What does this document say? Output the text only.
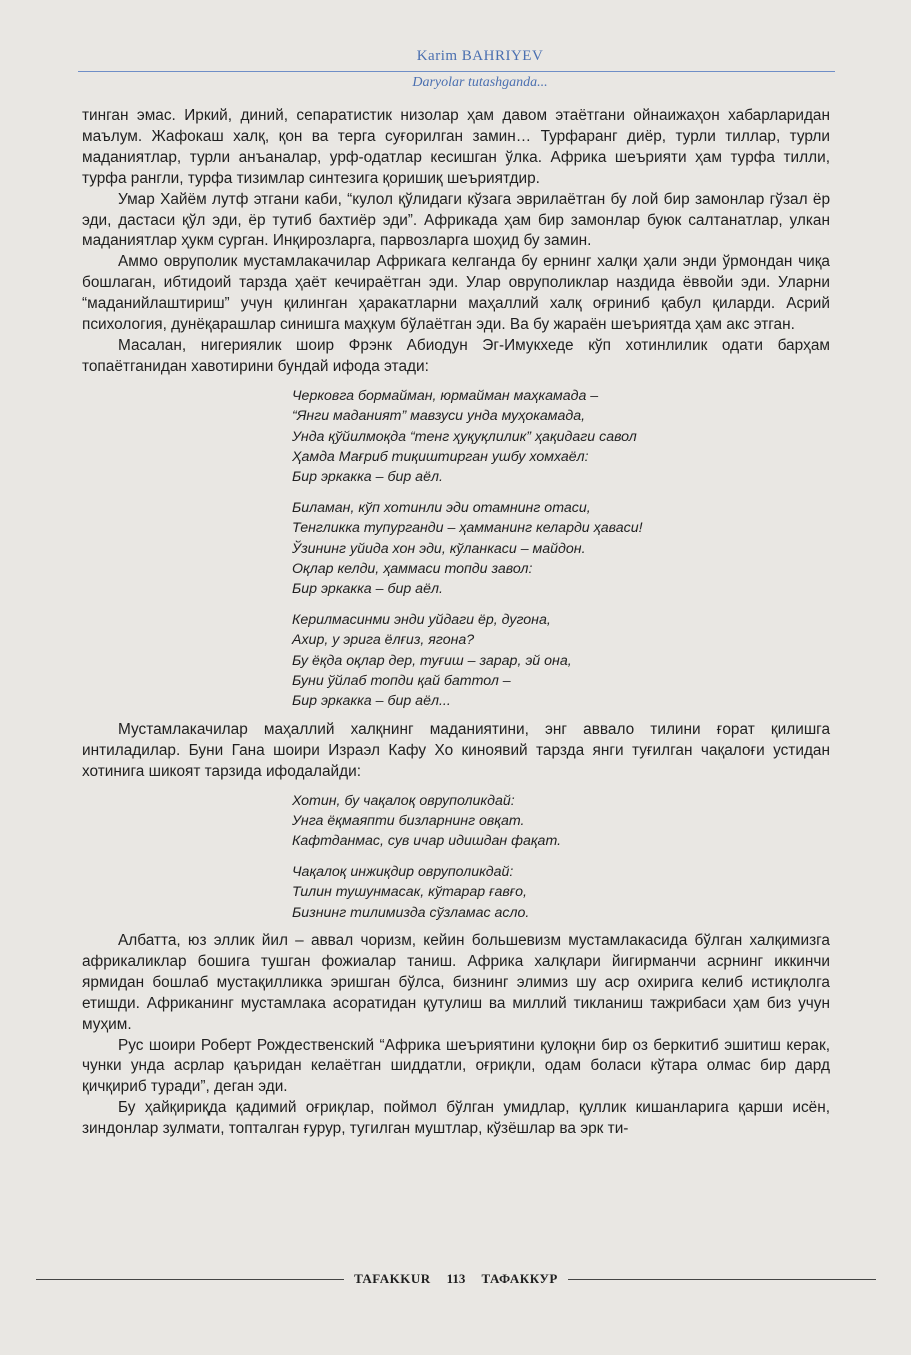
Karim BAHRIYEV
Daryolar tutashganda...

тинган эмас. Иркий, диний, сепаратистик низолар ҳам давом этаётгани ойнаижаҳон хабарларидан маълум. Жафокаш халқ, қон ва терга суғорилган замин… Турфаранг диёр, турли тиллар, турли маданиятлар, турли анъаналар, урф-одатлар кесишган ўлка. Африка шеърияти ҳам турфа тилли, турфа рангли, турфа тизимлар синтезига қоришиқ шеъриятдир.

Умар Хайём лутф этгани каби, “кулол қўлидаги кўзага эврилаётган бу лой бир замонлар гўзал ёр эди, дастаси қўл эди, ёр тутиб бахтиёр эди”. Африкада ҳам бир замонлар буюк салтанатлар, улкан маданиятлар ҳукм сурган. Инқирозларга, парвозларга шоҳид бу замин.

Аммо овруполик мустамлакачилар Африкага келганда бу ернинг халқи ҳали энди ўрмондан чиқа бошлаган, ибтидоий тарзда ҳаёт кечираётган эди. Улар овруполиклар наздида ёввойи эди. Уларни “маданийлаштириш” учун қилинган ҳаракатларни маҳаллий халқ оғриниб қабул қиларди. Асрий психология, дунёқарашлар синишга маҳкум бўлаётган эди. Ва бу жараён шеъриятда ҳам акс этган.

Масалан, нигериялик шоир Фрэнк Абиодун Эг-Имукхеде кўп хотинлилик одати барҳам топаётганидан хавотирини бундай ифода этади:

Черковга бормайман, юрмайман маҳкамада –
“Янги маданият” мавзуси унда муҳокамада,
Унда қўйилмоқда “тенг ҳуқуқлилик” ҳақидаги савол
Ҳамда Мағриб тиқиштирган ушбу хомхаёл:
Бир эркакка – бир аёл.
Биламан, кўп хотинли эди отамнинг отаси,
Тенгликка тупурганди – ҳамманинг келарди ҳаваси!
Ўзининг уйида хон эди, кўланкаси – майдон.
Оқлар келди, ҳаммаси топди завол:
Бир эркакка – бир аёл.
Керилмасинми энди уйдаги ёр, дугона,
Ахир, у эрига ёлғиз, ягона?
Бу ёқда оқлар дер, туғиш – зарар, эй она,
Буни ўйлаб топди қай баттол –
Бир эркакка – бир аёл...

Мустамлакачилар маҳаллий халқнинг маданиятини, энг аввало тилини ғорат қилишга интиладилар. Буни Гана шоири Израэл Кафу Хо киноявий тарзда янги туғилган чақалоғи устидан хотинига шикоят тарзида ифодалайди:

Хотин, бу чақалоқ овруполикдай:
Унга ёқмаяпти бизларнинг овқат.
Кафтданмас, сув ичар идишдан фақат.
Чақалоқ инжиқдир овруполикдай:
Тилин тушунмасак, кўтарар ғавғо,
Бизнинг тилимизда сўзламас асло.

Албатта, юз эллик йил – аввал чоризм, кейин большевизм мустамлакасида бўлган халқимизга африкаликлар бошига тушган фожиалар таниш. Африка халқлари йигирманчи асрнинг иккинчи ярмидан бошлаб мустақилликка эришган бўлса, бизнинг элимиз шу аср охирига келиб истиқлолга етишди. Африканинг мустамлака асоратидан қутулиш ва миллий тикланиш тажрибаси ҳам биз учун муҳим.

Рус шоири Роберт Рождественский “Африка шеъриятини қулоқни бир оз беркитиб эшитиш керак, чунки унда асрлар қаъридан келаётган шиддатли, оғриқли, одам боласи кўтара олмас бир дард қичқириб туради”, деган эди.

Бу ҳайқириқда қадимий оғриқлар, поймол бўлган умидлар, қуллик кишанларига қарши исён, зиндонлар зулмати, топталган ғурур, тугилган муштлар, кўзёшлар ва эрк ти-

TAFAKKUR	113	ТАФАККУР
